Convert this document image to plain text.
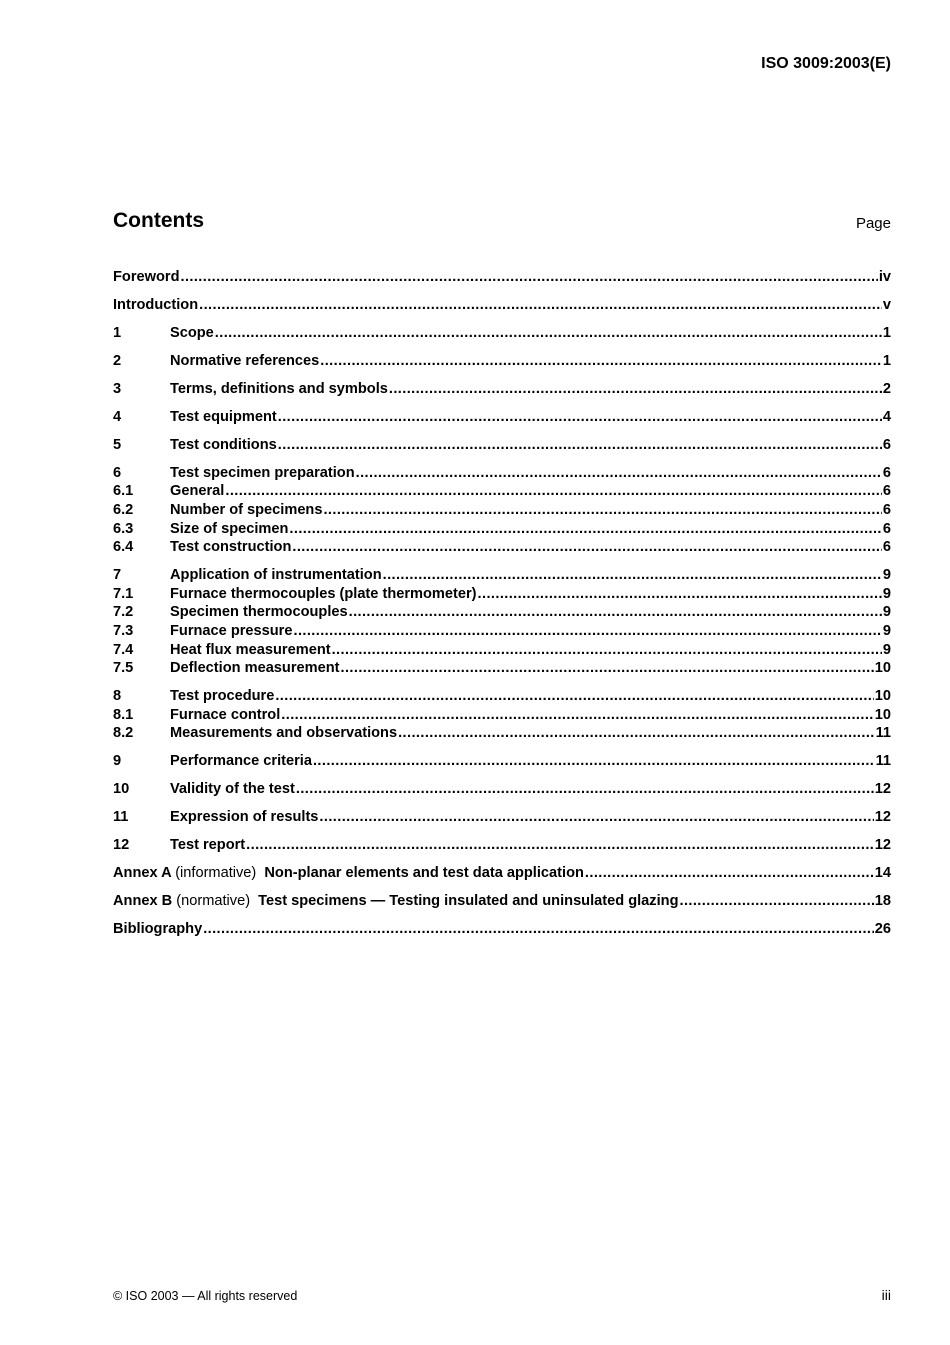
ISO 3009:2003(E)
Contents	Page
Foreword .....	iv
Introduction .....	v
1	Scope .....	1
2	Normative references .....	1
3	Terms, definitions and symbols .....	2
4	Test equipment .....	4
5	Test conditions .....	6
6	Test specimen preparation .....	6
6.1	General .....	6
6.2	Number of specimens .....	6
6.3	Size of specimen .....	6
6.4	Test construction .....	6
7	Application of instrumentation .....	9
7.1	Furnace thermocouples (plate thermometer) .....	9
7.2	Specimen thermocouples .....	9
7.3	Furnace pressure .....	9
7.4	Heat flux measurement .....	9
7.5	Deflection measurement .....	10
8	Test procedure .....	10
8.1	Furnace control .....	10
8.2	Measurements and observations .....	11
9	Performance criteria .....	11
10	Validity of the test .....	12
11	Expression of results .....	12
12	Test report .....	12
Annex A (informative) Non-planar elements and test data application .....	14
Annex B (normative) Test specimens — Testing insulated and uninsulated glazing .....	18
Bibliography .....	26
© ISO 2003 — All rights reserved	iii
